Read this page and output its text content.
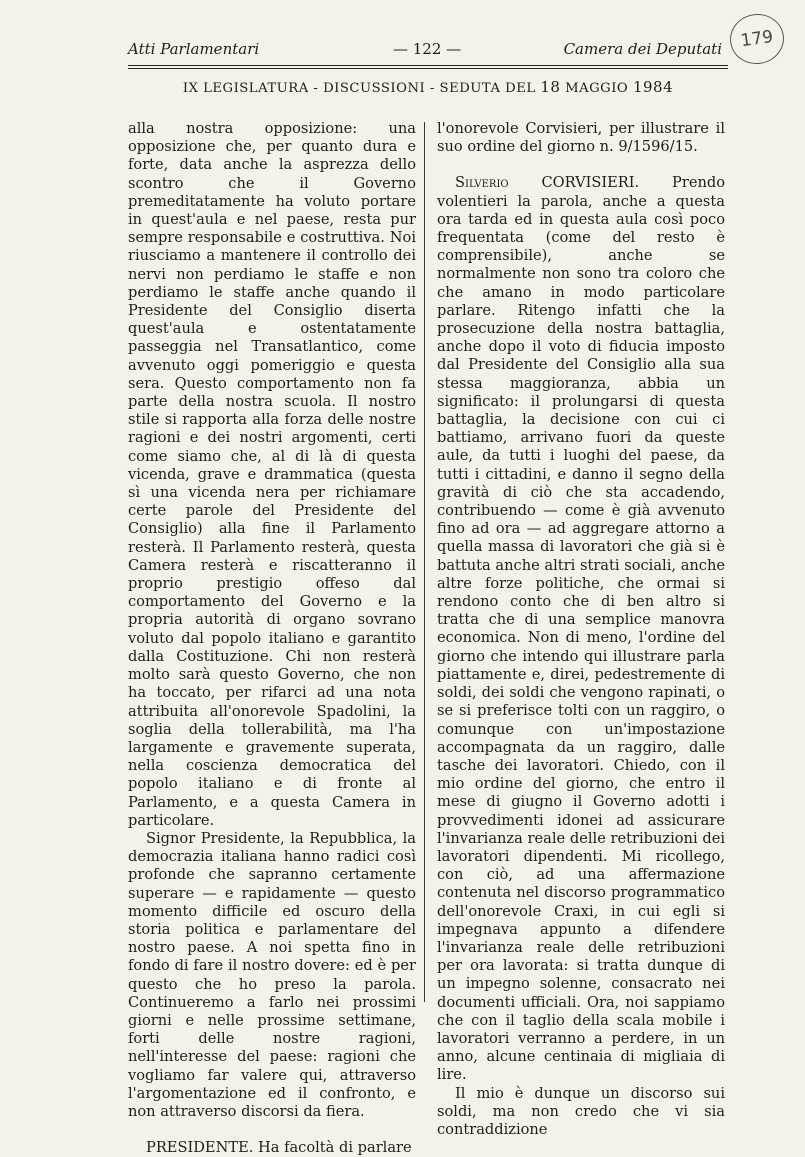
Atti Parlamentari	— 122 —	Camera dei Deputati	179
IX LEGISLATURA - DISCUSSIONI - SEDUTA DEL 18 MAGGIO 1984

alla nostra opposizione: una opposizione che, per quanto dura e forte, data anche la asprezza dello scontro che il Governo premeditatamente ha voluto portare in quest'aula e nel paese, resta pur sempre responsabile e costruttiva. Noi riusciamo a mantenere il controllo dei nervi non perdiamo le staffe e non perdiamo le staffe anche quando il Presidente del Consiglio diserta quest'aula e ostentatamente passeggia nel Transatlantico, come avvenuto oggi pomeriggio e questa sera. Questo comportamento non fa parte della nostra scuola. Il nostro stile si rapporta alla forza delle nostre ragioni e dei nostri argomenti, certi come siamo che, al di là di questa vicenda, grave e drammatica (questa sì una vicenda nera per richiamare certe parole del Presidente del Consiglio) alla fine il Parlamento resterà. Il Parlamento resterà, questa Camera resterà e riscatteranno il proprio prestigio offeso dal comportamento del Governo e la propria autorità di organo sovrano voluto dal popolo italiano e garantito dalla Costituzione. Chi non resterà molto sarà questo Governo, che non ha toccato, per rifarci ad una nota attribuita all'onorevole Spadolini, la soglia della tollerabilità, ma l'ha largamente e gravemente superata, nella coscienza democratica del popolo italiano e di fronte al Parlamento, e a questa Camera in particolare.

Signor Presidente, la Repubblica, la democrazia italiana hanno radici così profonde che sapranno certamente superare — e rapidamente — questo momento difficile ed oscuro della storia politica e parlamentare del nostro paese. A noi spetta fino in fondo di fare il nostro dovere: ed è per questo che ho preso la parola. Continueremo a farlo nei prossimi giorni e nelle prossime settimane, forti delle nostre ragioni, nell'interesse del paese: ragioni che vogliamo far valere qui, attraverso l'argomentazione ed il confronto, e non attraverso discorsi da fiera.

PRESIDENTE. Ha facoltà di parlare

l'onorevole Corvisieri, per illustrare il suo ordine del giorno n. 9/1596/15.

Silverio CORVISIERI. Prendo volentieri la parola, anche a questa ora tarda ed in questa aula così poco frequentata (come del resto è comprensibile), anche se normalmente non sono tra coloro che che amano in modo particolare parlare. Ritengo infatti che la prosecuzione della nostra battaglia, anche dopo il voto di fiducia imposto dal Presidente del Consiglio alla sua stessa maggioranza, abbia un significato: il prolungarsi di questa battaglia, la decisione con cui ci battiamo, arrivano fuori da queste aule, da tutti i luoghi del paese, da tutti i cittadini, e danno il segno della gravità di ciò che sta accadendo, contribuendo — come è già avvenuto fino ad ora — ad aggregare attorno a quella massa di lavoratori che già si è battuta anche altri strati sociali, anche altre forze politiche, che ormai si rendono conto che di ben altro si tratta che di una semplice manovra economica. Non di meno, l'ordine del giorno che intendo qui illustrare parla piattamente e, direi, pedestremente di soldi, dei soldi che vengono rapinati, o se si preferisce tolti con un raggiro, o comunque con un'impostazione accompagnata da un raggiro, dalle tasche dei lavoratori. Chiedo, con il mio ordine del giorno, che entro il mese di giugno il Governo adotti i provvedimenti idonei ad assicurare l'invarianza reale delle retribuzioni dei lavoratori dipendenti. Mi ricollego, con ciò, ad una affermazione contenuta nel discorso programmatico dell'onorevole Craxi, in cui egli si impegnava appunto a difendere l'invarianza reale delle retribuzioni per ora lavorata: si tratta dunque di un impegno solenne, consacrato nei documenti ufficiali. Ora, noi sappiamo che con il taglio della scala mobile i lavoratori verranno a perdere, in un anno, alcune centinaia di migliaia di lire.

Il mio è dunque un discorso sui soldi, ma non credo che vi sia contraddizione
